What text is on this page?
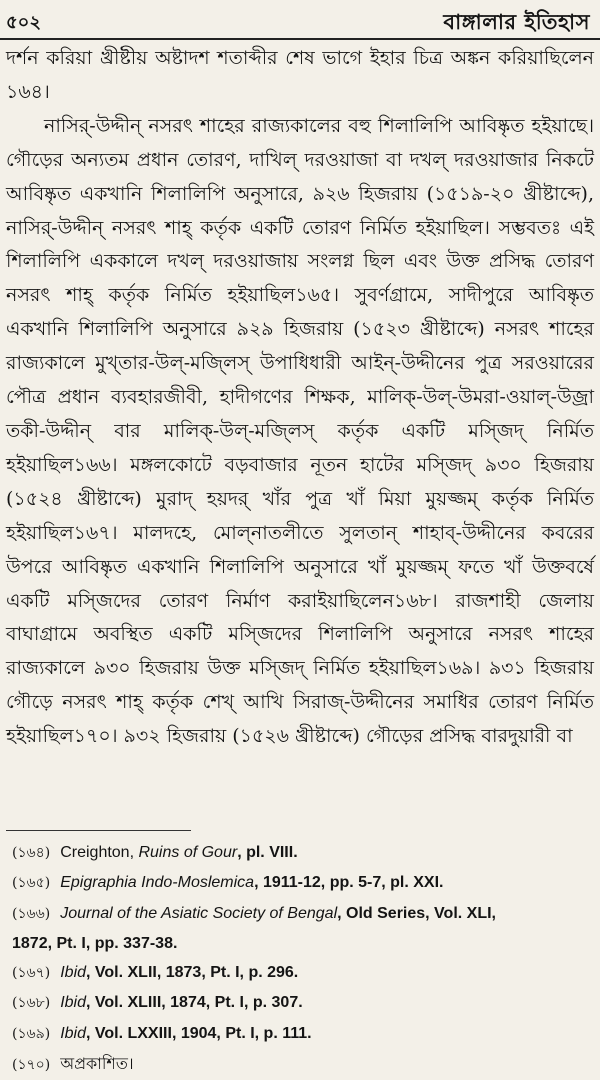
৫০২	বাঙ্গালার ইতিহাস

দর্শন করিয়া খ্রীষ্টীয় অষ্টাদশ শতাব্দীর শেষ ভাগে ইহার চিত্র অঙ্কন করিয়াছিলেন ১৬৪।

নাসির্-উদ্দীন্ নসরৎ শাহের রাজ্যকালের বহু শিলালিপি আবিষ্কৃত হইয়াছে। গৌড়ের অন্যতম প্রধান তোরণ, দাখিল্ দরওয়াজা বা দখল্ দরওয়াজার নিকটে আবিষ্কৃত একখানি শিলালিপি অনুসারে, ৯২৬ হিজরায় (১৫১৯-২০ খ্রীষ্টাব্দে), নাসির্-উদ্দীন্ নসরৎ শাহ্ কর্তৃক একটি তোরণ নির্মিত হইয়াছিল। সম্ভবতঃ এই শিলালিপি এককালে দখল্ দরওয়াজায় সংলগ্ন ছিল এবং উক্ত প্রসিদ্ধ তোরণ নসরৎ শাহ্ কর্তৃক নির্মিত হইয়াছিল১৬৫। সুবর্ণগ্রামে, সাদীপুরে আবিষ্কৃত একখানি শিলালিপি অনুসারে ৯২৯ হিজরায় (১৫২৩ খ্রীষ্টাব্দে) নসরৎ শাহের রাজ্যকালে মুখ্তার-উল্-মজ্লিস্ উপাধিধারী আইন্-উদ্দীনের পুত্র সরওয়ারের পৌত্র প্রধান ব্যবহারজীবী, হাদীগণের শিক্ষক, মালিক্-উল্-উমরা-ওয়াল্-উজ্রা তকী-উদ্দীন্ বার মালিক্-উল্-মজ্লিস্ কর্তৃক একটি মস্জিদ্ নির্মিত হইয়াছিল১৬৬। মঙ্গলকোটে বড়বাজার নূতন হাটের মস্জিদ্ ৯৩০ হিজরায় (১৫২৪ খ্রীষ্টাব্দে) মুরাদ্ হয়দর্ খাঁর পুত্র খাঁ মিয়া মুয়জ্জম্ কর্তৃক নির্মিত হইয়াছিল১৬৭। মালদহে, মোল্নাতলীতে সুলতান্ শাহাব্-উদ্দীনের কবরের উপরে আবিষ্কৃত একখানি শিলালিপি অনুসারে খাঁ মুয়জ্জম্ ফতে খাঁ উক্তবর্ষে একটি মস্জিদের তোরণ নির্মাণ করাইয়াছিলেন১৬৮। রাজশাহী জেলায় বাঘাগ্রামে অবস্থিত একটি মস্জিদের শিলালিপি অনুসারে নসরৎ শাহের রাজ্যকালে ৯৩০ হিজরায় উক্ত মস্জিদ্ নির্মিত হইয়াছিল১৬৯। ৯৩১ হিজরায় গৌড়ে নসরৎ শাহ্ কর্তৃক শেখ্ আখি সিরাজ্-উদ্দীনের সমাধির তোরণ নির্মিত হইয়াছিল১৭০। ৯৩২ হিজরায় (১৫২৬ খ্রীষ্টাব্দে) গৌড়ের প্রসিদ্ধ বারদুয়ারী বা

(১৬৪) Creighton, Ruins of Gour, pl. VIII.

(১৬৫) Epigraphia Indo-Moslemica, 1911-12, pp. 5-7, pl. XXI.

(১৬৬) Journal of the Asiatic Society of Bengal, Old Series, Vol. XLI,
1872, Pt. I, pp. 337-38.

(১৬৭) Ibid, Vol. XLII, 1873, Pt. I, p. 296.

(১৬৮) Ibid, Vol. XLIII, 1874, Pt. I, p. 307.

(১৬৯) Ibid, Vol. LXXIII, 1904, Pt. I, p. 111.

(১৭০) অপ্রকাশিত।
